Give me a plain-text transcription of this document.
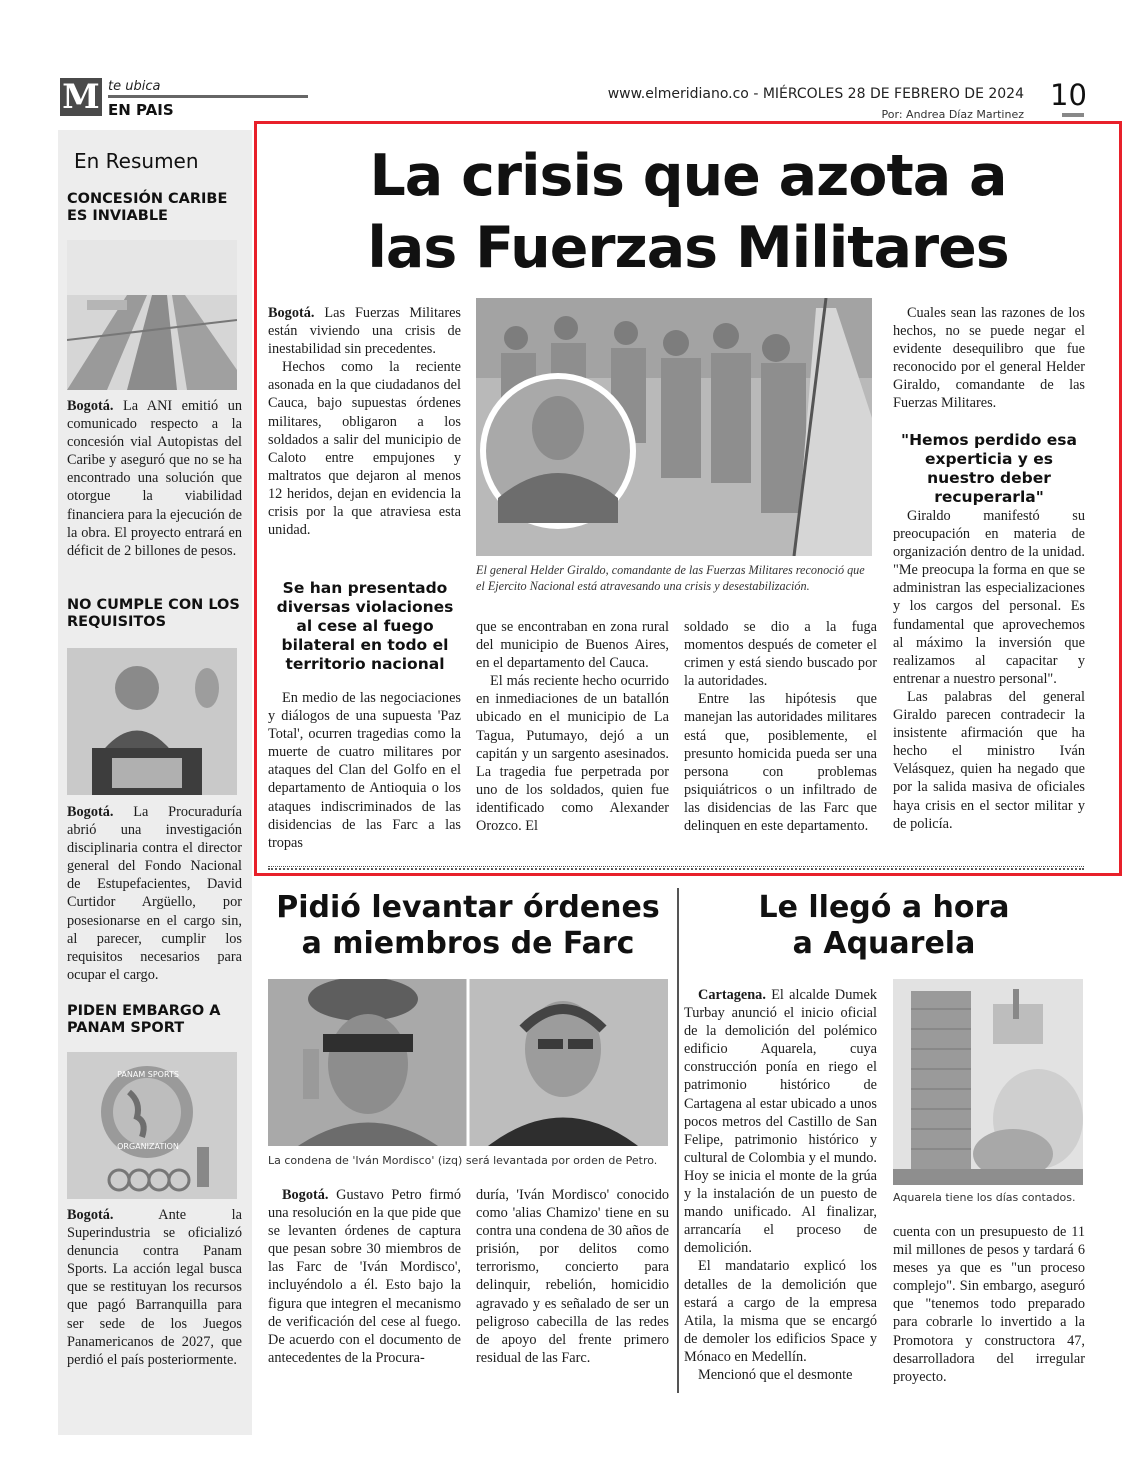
M te ubica
EN PAIS
www.elmeridiano.co - MIÉRCOLES 28 DE FEBRERO DE 2024
Por: Andrea Díaz Martinez
10
En Resumen
CONCESIÓN CARIBE ES INVIABLE
Bogotá. La ANI emitió un comunicado respecto a la concesión vial Autopistas del Caribe y aseguró que no se ha encontrado una solución que otorgue la viabilidad financiera para la ejecución de la obra. El proyecto entrará en déficit de 2 billones de pesos.
NO CUMPLE CON LOS REQUISITOS
Bogotá. La Procuraduría abrió una investigación disciplinaria contra el director general del Fondo Nacional de Estupefacientes, David Curtidor Argüello, por posesionarse en el cargo sin, al parecer, cumplir los requisitos necesarios para ocupar el cargo.
PIDEN EMBARGO A PANAM SPORT
PANAM SPORTS
ORGANIZATION
Bogotá.	Ante la Superindustria se oficializó denuncia contra Panam Sports. La acción legal busca que se restituyan los recursos que pagó Barranquilla para ser sede de los Juegos Panamericanos de 2027, que perdió el país posteriormente.
La crisis que azota a
las Fuerzas Militares

Bogotá. Las Fuerzas Militares están viviendo una crisis de inestabilidad sin precedentes.

Hechos como la reciente asonada en la que ciudadanos del Cauca, bajo supuestas órdenes militares, obligaron a los soldados a salir del municipio de Caloto entre empujones y maltratos que dejaron al menos 12 heridos, dejan en evidencia la crisis por la que atraviesa esta unidad.

Se han presentado diversas violaciones al cese al fuego bilateral en todo el territorio nacional

En medio de las negociaciones y diálogos de una supuesta 'Paz Total', ocurren tragedias como la muerte de cuatro militares por ataques del Clan del Golfo en el departamento de Antioquia o los ataques indiscriminados de las disidencias de las Farc a las tropas

El general Helder Giraldo, comandante de las Fuerzas Militares reconoció que el Ejercito Nacional está atravesando una crisis y desestabilización.

que se encontraban en zona rural del municipio de Buenos Aires, en el departamento del Cauca.

El más reciente hecho ocurrido en inmediaciones de un batallón ubicado en el municipio de La Tagua, Putumayo, dejó a un capitán y un sargento asesinados. La tragedia fue perpetrada por uno de los soldados, quien fue identificado como Alexander Orozco. El

soldado se dio a la fuga momentos después de cometer el crimen y está siendo buscado por la autoridades.

Entre las hipótesis que manejan las autoridades militares está que, posiblemente, el presunto homicida pueda ser una persona con problemas psiquiátricos o un infiltrado de las disidencias de las Farc que delinquen en este departamento.

Cuales sean las razones de los hechos, no se puede negar el evidente desequilibro que fue reconocido por el general Helder Giraldo, comandante de las Fuerzas Militares.

"Hemos perdido esa experticia y es nuestro deber recuperarla"

Giraldo manifestó su preocupación en materia de organización dentro de la unidad. "Me preocupa la forma en que se administran las especializaciones y los cargos del personal. Es fundamental que aprovechemos al máximo la inversión que realizamos al capacitar y entrenar a nuestro personal".

Las palabras del general Giraldo parecen contradecir la insistente afirmación que ha hecho el ministro Iván Velásquez, quien ha negado que por la salida masiva de oficiales haya crisis en el sector militar y de policía.

Pidió levantar órdenes
a miembros de Farc
La condena de 'Iván Mordisco' (izq) será levantada por orden de Petro.

Bogotá. Gustavo Petro firmó una resolución en la que pide que se levanten órdenes de captura que pesan sobre 30 miembros de las Farc de 'Iván Mordisco', incluyéndolo a él. Esto bajo la figura que integren el mecanismo de verificación del cese al fuego. De acuerdo con el documento de antecedentes de la Procura-

duría, 'Iván Mordisco' conocido como 'alias Chamizo' tiene en su contra una condena de 30 años de prisión, por delitos como terrorismo, concierto para delinquir, rebelión, homicidio agravado y es señalado de ser un peligroso cabecilla de las redes de apoyo del frente primero residual de las Farc.

Le llegó a hora
a Aquarela

Cartagena. El alcalde Dumek Turbay anunció el inicio oficial de la demolición del polémico edificio Aquarela, cuya construcción ponía en riego el patrimonio histórico de Cartagena al estar ubicado a unos pocos metros del Castillo de San Felipe, patrimonio histórico y cultural de Colombia y el mundo. Hoy se inicia el monte de la grúa y la instalación de un puesto de mando unificado. Al finalizar, arrancaría el proceso de demolición.

El mandatario explicó los detalles de la demolición que estará a cargo de la empresa Atila, la misma que se encargó de demoler los edificios Space y Mónaco en Medellín.

Mencionó que el desmonte

Aquarela tiene los días contados.

cuenta con un presupuesto de 11 mil millones de pesos y tardará 6 meses ya que es "un proceso complejo". Sin embargo, aseguró que "tenemos todo preparado para cobrarle lo invertido a la Promotora y constructora 47, desarrolladora del irregular proyecto.
